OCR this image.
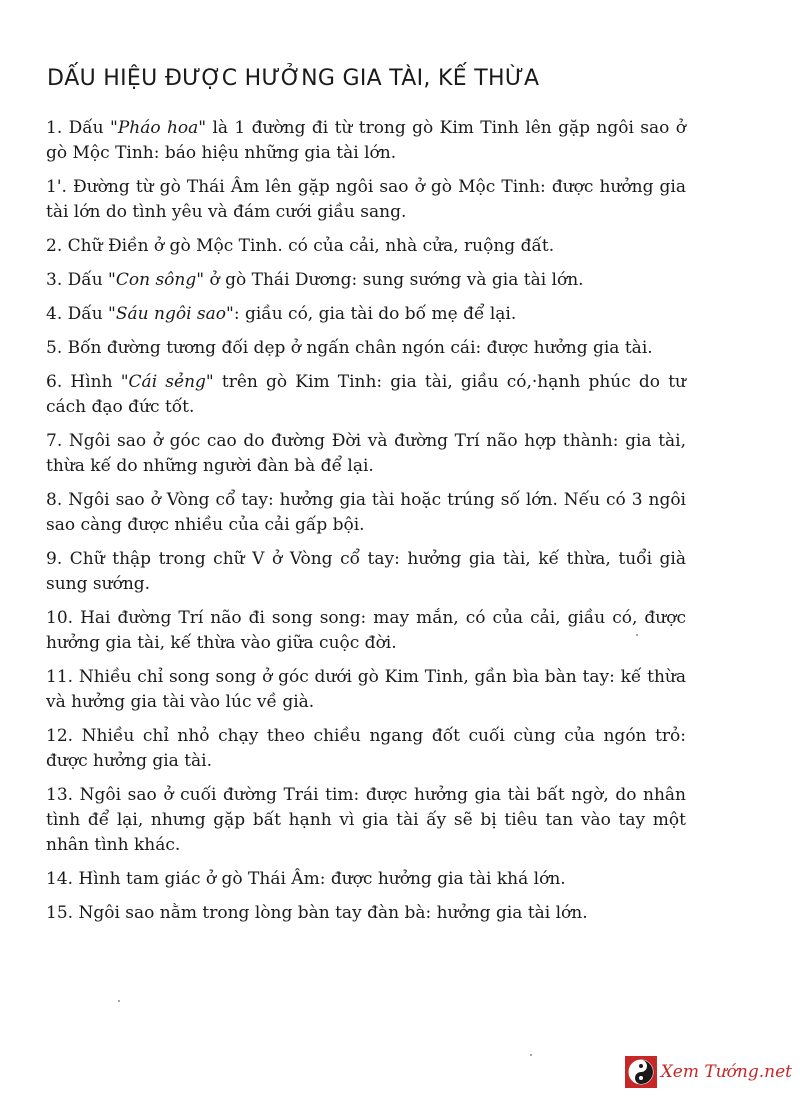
DẤU HIỆU ĐƯỢC HƯỞNG GIA TÀI, KẾ THỪA
1. Dấu "Pháo hoa" là 1 đường đi từ trong gò Kim Tinh lên gặp ngôi sao ở gò Mộc Tinh: báo hiệu những gia tài lớn.
1'. Đường từ gò Thái Âm lên gặp ngôi sao ở gò Mộc Tinh: được hưởng gia tài lớn do tình yêu và đám cưới giầu sang.
2. Chữ Điền ở gò Mộc Tinh. có của cải, nhà cửa, ruộng đất.
3. Dấu "Con sông" ở gò Thái Dương: sung sướng và gia tài lớn.
4. Dấu "Sáu ngôi sao": giầu có, gia tài do bố mẹ để lại.
5. Bốn đường tương đối dẹp ở ngấn chân ngón cái: được hưởng gia tài.
6. Hình "Cái sẻng" trên gò Kim Tinh: gia tài, giầu có,·hạnh phúc do tư cách đạo đức tốt.
7. Ngôi sao ở góc cao do đường Đời và đường Trí não hợp thành: gia tài, thừa kế do những người đàn bà để lại.
8. Ngôi sao ở Vòng cổ tay: hưởng gia tài hoặc trúng số lớn. Nếu có 3 ngôi sao càng được nhiều của cải gấp bội.
9. Chữ thập trong chữ V ở Vòng cổ tay: hưởng gia tài, kế thừa, tuổi già sung sướng.
10. Hai đường Trí não đi song song: may mắn, có của cải, giầu có, được hưởng gia tài, kế thừa vào giữa cuộc đời.
11. Nhiều chỉ song song ở góc dưới gò Kim Tinh, gần bìa bàn tay: kế thừa và hưởng gia tài vào lúc về già.
12. Nhiều chỉ nhỏ chạy theo chiều ngang đốt cuối cùng của ngón trỏ: được hưởng gia tài.
13. Ngôi sao ở cuối đường Trái tim: được hưởng gia tài bất ngờ, do nhân tình để lại, nhưng gặp bất hạnh vì gia tài ấy sẽ bị tiêu tan vào tay một nhân tình khác.
14. Hình tam giác ở gò Thái Âm: được hưởng gia tài khá lớn.
15. Ngôi sao nằm trong lòng bàn tay đàn bà: hưởng gia tài lớn.
Xem Tướng.net
